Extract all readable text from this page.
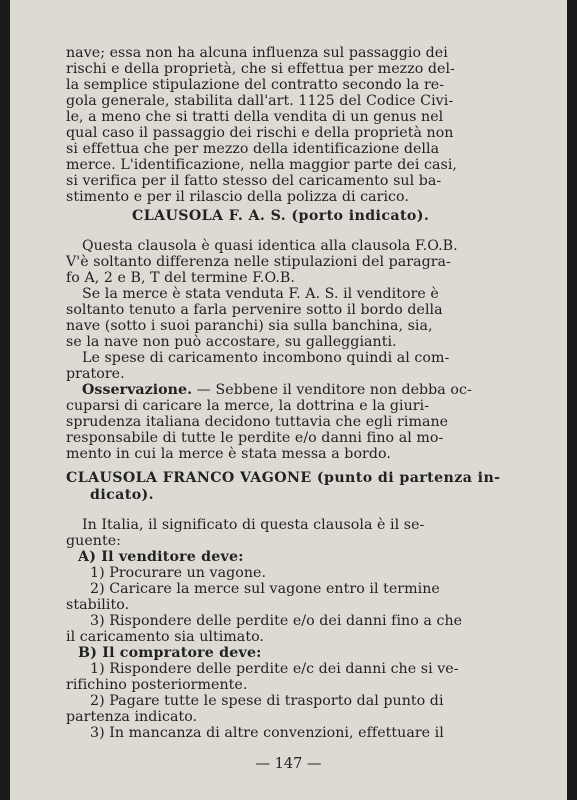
nave; essa non ha alcuna influenza sul passaggio dei
rischi e della proprietà, che si effettua per mezzo del-
la semplice stipulazione del contratto secondo la re-
gola generale, stabilita dall'art. 1125 del Codice Civi-
le, a meno che si tratti della vendita di un genus nel
qual caso il passaggio dei rischi e della proprietà non
si effettua che per mezzo della identificazione della
merce. L'identificazione, nella maggior parte dei casi,
si verifica per il fatto stesso del caricamento sul ba-
stimento e per il rilascio della polizza di carico.
CLAUSOLA F. A. S. (porto indicato).
Questa clausola è quasi identica alla clausola F.O.B.
V'è soltanto differenza nelle stipulazioni del paragra-
fo A, 2 e B, T del termine F.O.B.
Se la merce è stata venduta F. A. S. il venditore è
soltanto tenuto a farla pervenire sotto il bordo della
nave (sotto i suoi paranchi) sia sulla banchina, sia,
se la nave non può accostare, su galleggianti.
Le spese di caricamento incombono quindi al com-
pratore.
Osservazione. — Sebbene il venditore non debba oc-
cuparsi di caricare la merce, la dottrina e la giuri-
sprudenza italiana decidono tuttavia che egli rimane
responsabile di tutte le perdite e/o danni fino al mo-
mento in cui la merce è stata messa a bordo.
CLAUSOLA FRANCO VAGONE (punto di partenza in-
dicato).
In Italia, il significato di questa clausola è il se-
guente:
A) Il venditore deve:
1) Procurare un vagone.
2) Caricare la merce sul vagone entro il termine
stabilito.
3) Rispondere delle perdite e/o dei danni fino a che
il caricamento sia ultimato.
B) Il compratore deve:
1) Rispondere delle perdite e/c dei danni che si ve-
rifichino posteriormente.
2) Pagare tutte le spese di trasporto dal punto di
partenza indicato.
3) In mancanza di altre convenzioni, effettuare il
— 147 —
